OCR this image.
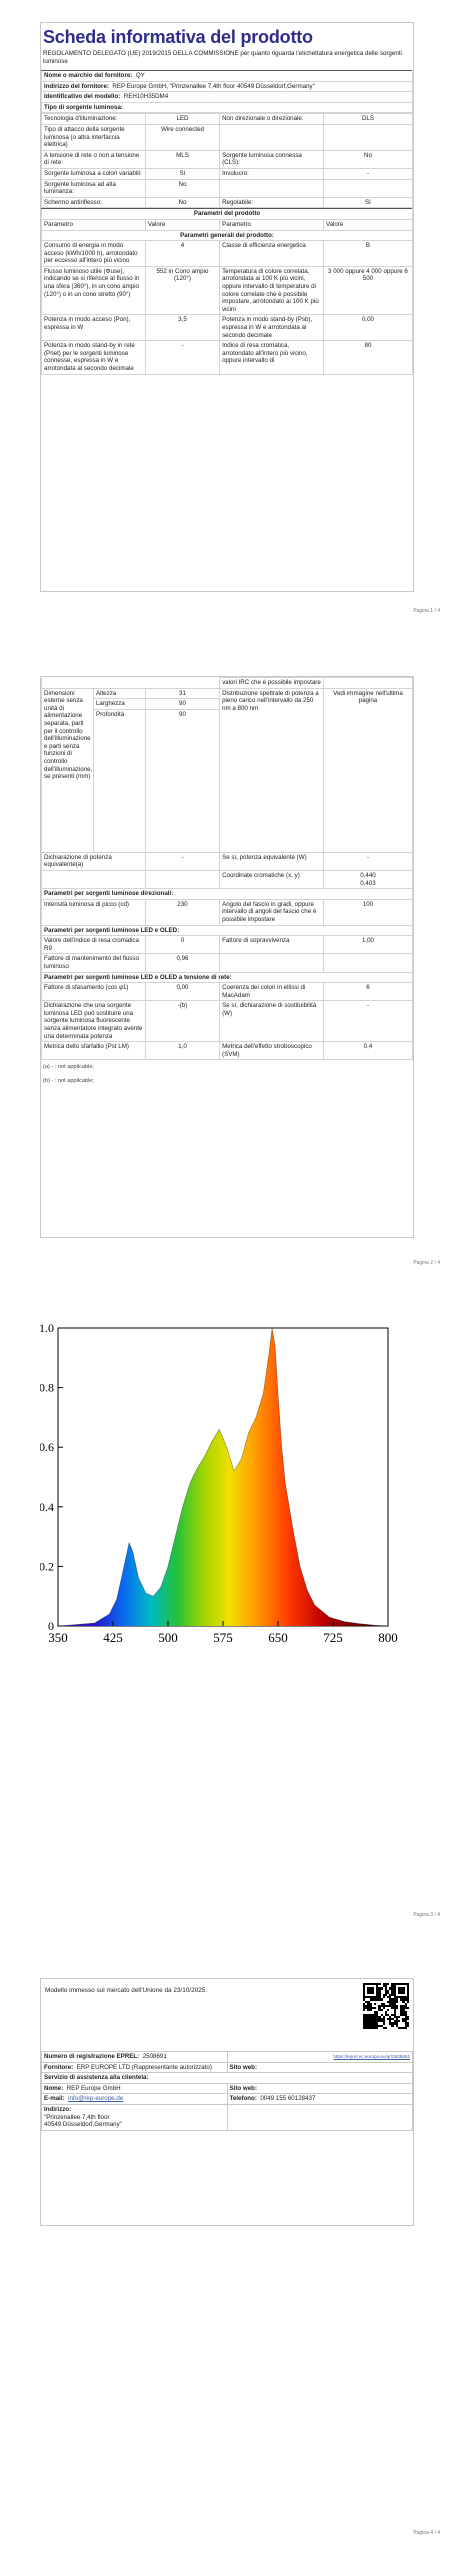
Scheda informativa del prodotto
REGOLAMENTO DELEGATO (UE) 2019/2015 DELLA COMMISSIONE per quanto riguarda l'etichettatura energetica delle sorgenti luminose
Nome o marchio del fornitore: QY
Indirizzo del fornitore: REP Europe GmbH, "Prinzenallee 7,4th floor 40549 Düsseldorf,Germany"
Identificativo del modello: REH10H35DM4
Tipo di sorgente luminosa:
Tecnologia d'illuminazione:	LED	Non direzionale o direzionale:	DLS
Tipo di attacco della sorgente luminosa (o altra interfaccia elettrica)	Wire connected		
A tensione di rete o non a tensione di rete:	MLS	Sorgente luminosa connessa (CLS):	No
Sorgente luminosa a colori variabili:	Sì	Involucro:	-
Sorgente luminosa ad alta luminanza:	No		
Schermo antiriflesso:	No	Regolabile:	Sì
Parametri del prodotto			
Parametro	Valore	Parametro	Valore
Parametri generali del prodotto:			
Consumo di energia in modo acceso (kWh/1000 h), arrotondato per eccesso all'intero più vicino	4	Classe di efficienza energetica	B
Flusso luminoso utile (Φuse), indicando se si riferisce al flusso in una sfera (360°), in un cono ampio (120°) o in un cono stretto (90°)	552 in Cono ampio (120°)	Temperatura di colore correlata, arrotondata ai 100 K più vicini, oppure intervallo di temperature di colore correlate che è possibile impostare, arrotondato ai 100 K più vicini	3 000 oppure 4 000 oppure 6 500
Potenza in modo acceso (Pon), espressa in W	3,5	Potenza in modo stand-by (Psb), espressa in W e arrotondata al secondo decimale	0,00
Potenza in modo stand-by in rete (Pnet) per le sorgenti luminose connesse, espressa in W e arrotondata al secondo decimale	-	Indice di resa cromatica, arrotondato all'intero più vicino, oppure intervallo di	80
Pagina 1 / 4
			valori IRC che è possibile impostare	
Dimensioni esterne senza unità di alimentazione separata, parti per il controllo dell'illuminazione e parti senza funzioni di controllo dell'illuminazione, se presenti (mm)	Altezza	31	Distribuzione spettrale di potenza a pieno carico nell'intervallo da 250 nm a 800 nm	Vedi immagine nell'ultima pagina
	Larghezza	90		
	Profondità	90		
Dichiarazione di potenza equivalente(a)		-	Se sì, potenza equivalente (W)	-
			Coordinate cromatiche (x, y)	0,440
0,403
Parametri per sorgenti luminose direzionali:				
Intensità luminosa di picco (cd)		230	Angolo del fascio in gradi, oppure intervallo di angoli del fascio che è possibile impostare	100
Parametri per sorgenti luminose LED e OLED:				
Valore dell'indice di resa cromatica R9		0	Fattore di sopravvivenza	1,00
Fattore di mantenimento del flusso luminoso		0,96		
Parametri per sorgenti luminose LED e OLED a tensione di rete:				
Fattore di sfasamento (cos φ1)		0,00	Coerenza dei colori in ellissi di MacAdam	6
Dichiarazione che una sorgente luminosa LED può sostituire una sorgente luminosa fluorescente senza alimentatore integrato avente una determinata potenza		-(b)	Se sì, dichiarazione di sostituibilità (W)	-
Metrica dello sfarfallio (Pst LM)		1,0	Metrica dell'effetto stroboscopico (SVM)	0,4
(a) - : not applicable;
(b) - : not applicable;
Pagina 2 / 4
350	425	500	575	650	725	800
0
0.2
0.4
0.6
0.8
1.0
Pagina 3 / 4
Modello immesso sul mercato dell'Unione da 23/10/2025.
Numero di registrazione EPREL: 2508691	https://eprel.ec.europa.eu/qr/2508691
Fornitore: ERP EUROPE LTD (Rappresentante autorizzato)	Sito web:
Servizio di assistenza alla clientela:	
Nome: REP Europe GmbH	Sito web:
E-mail: info@rep-europe.de	Telefono: 0049 155 60128437
Indirizzo:
"Prinzenallee 7,4th floor
40549 Düsseldorf,Germany"	
Pagina 4 / 4
